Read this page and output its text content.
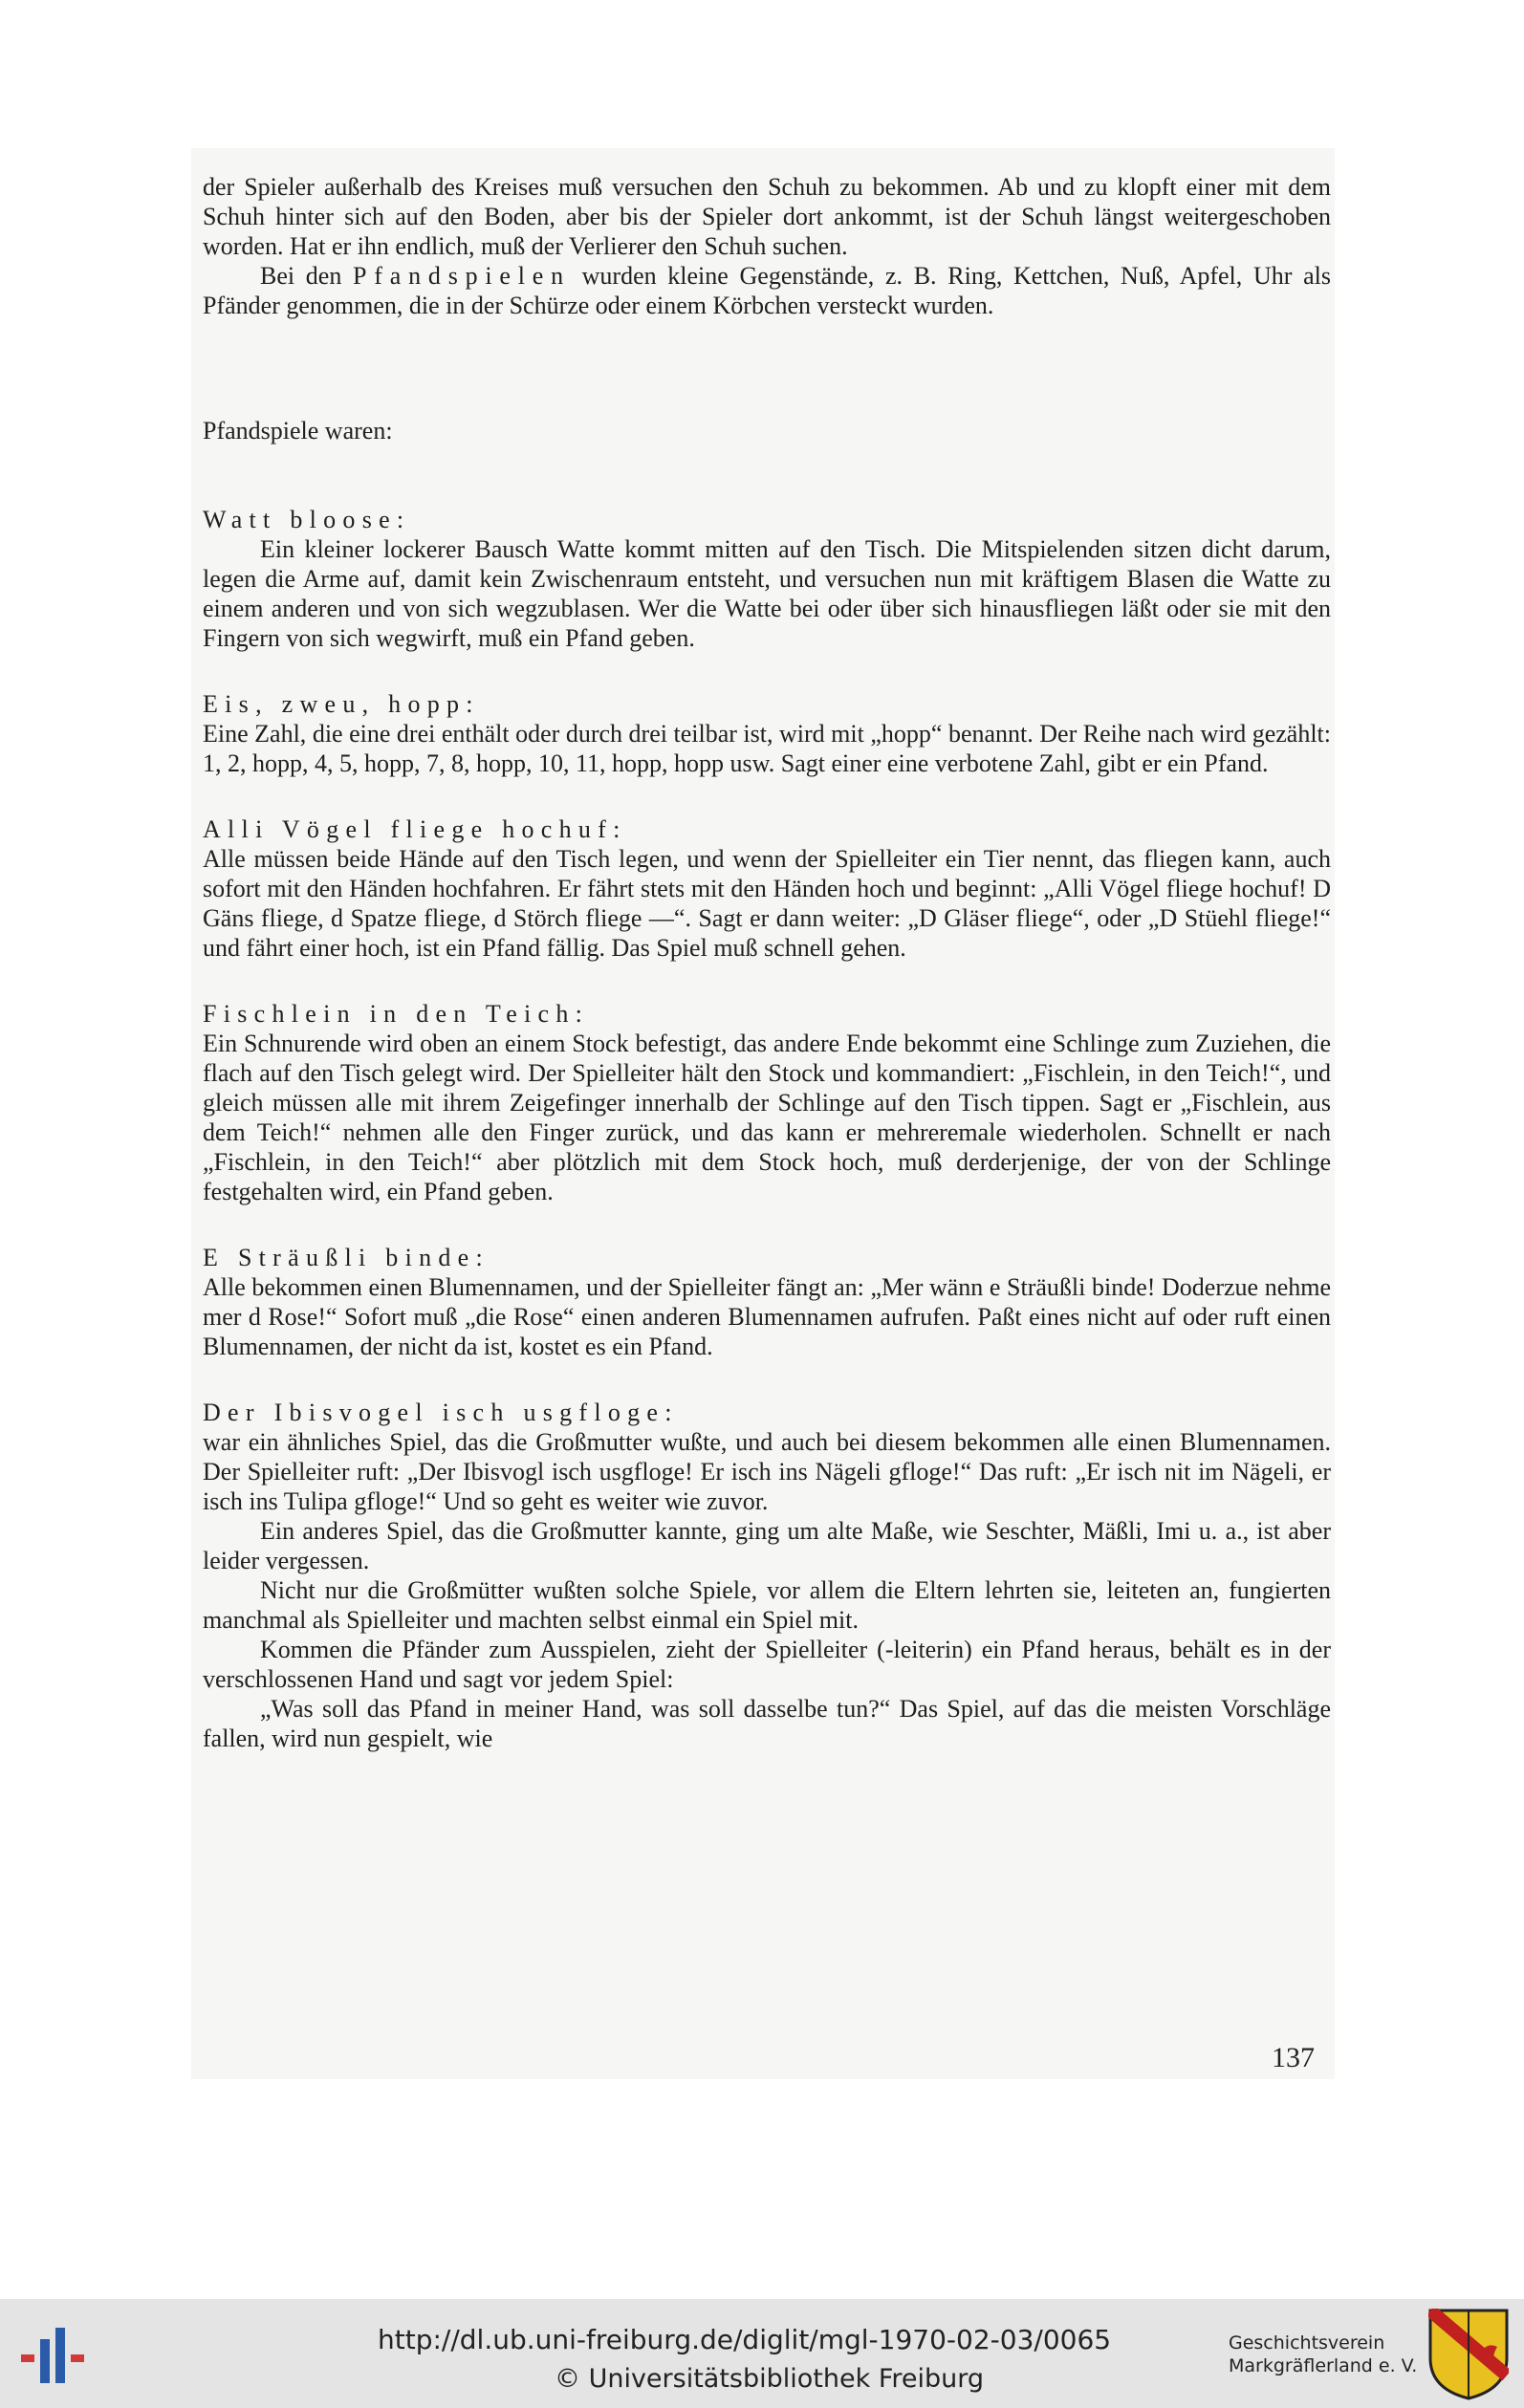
der Spieler außerhalb des Kreises muß versuchen den Schuh zu bekommen. Ab und zu klopft einer mit dem Schuh hinter sich auf den Boden, aber bis der Spieler dort ankommt, ist der Schuh längst weitergeschoben worden. Hat er ihn endlich, muß der Verlierer den Schuh suchen.

Bei den Pfandspielen wurden kleine Gegenstände, z. B. Ring, Kettchen, Nuß, Apfel, Uhr als Pfänder genommen, die in der Schürze oder einem Körbchen versteckt wurden.

Pfandspiele waren:

Watt bloose:

Ein kleiner lockerer Bausch Watte kommt mitten auf den Tisch. Die Mitspielenden sitzen dicht darum, legen die Arme auf, damit kein Zwischenraum entsteht, und versuchen nun mit kräftigem Blasen die Watte zu einem anderen und von sich wegzublasen. Wer die Watte bei oder über sich hinausfliegen läßt oder sie mit den Fingern von sich wegwirft, muß ein Pfand geben.

Eis, zweu, hopp:

Eine Zahl, die eine drei enthält oder durch drei teilbar ist, wird mit „hopp“ benannt. Der Reihe nach wird gezählt: 1, 2, hopp, 4, 5, hopp, 7, 8, hopp, 10, 11, hopp, hopp usw. Sagt einer eine verbotene Zahl, gibt er ein Pfand.

Alli Vögel fliege hochuf:

Alle müssen beide Hände auf den Tisch legen, und wenn der Spielleiter ein Tier nennt, das fliegen kann, auch sofort mit den Händen hochfahren. Er fährt stets mit den Händen hoch und beginnt: „Alli Vögel fliege hochuf! D Gäns fliege, d Spatze fliege, d Störch fliege —“. Sagt er dann weiter: „D Gläser fliege“, oder „D Stüehl fliege!“ und fährt einer hoch, ist ein Pfand fällig. Das Spiel muß schnell gehen.

Fischlein in den Teich:

Ein Schnurende wird oben an einem Stock befestigt, das andere Ende bekommt eine Schlinge zum Zuziehen, die flach auf den Tisch gelegt wird. Der Spielleiter hält den Stock und kommandiert: „Fischlein, in den Teich!“, und gleich müssen alle mit ihrem Zeigefinger innerhalb der Schlinge auf den Tisch tippen. Sagt er „Fischlein, aus dem Teich!“ nehmen alle den Finger zurück, und das kann er mehreremale wiederholen. Schnellt er nach „Fischlein, in den Teich!“ aber plötzlich mit dem Stock hoch, muß derderjenige, der von der Schlinge festgehalten wird, ein Pfand geben.

E Sträußli binde:

Alle bekommen einen Blumennamen, und der Spielleiter fängt an: „Mer wänn e Sträußli binde! Doderzue nehme mer d Rose!“ Sofort muß „die Rose“ einen anderen Blumennamen aufrufen. Paßt eines nicht auf oder ruft einen Blumennamen, der nicht da ist, kostet es ein Pfand.

Der Ibisvogel isch usgfloge:

war ein ähnliches Spiel, das die Großmutter wußte, und auch bei diesem bekommen alle einen Blumennamen. Der Spielleiter ruft: „Der Ibisvogl isch usgfloge! Er isch ins Nägeli gfloge!“ Das ruft: „Er isch nit im Nägeli, er isch ins Tulipa gfloge!“ Und so geht es weiter wie zuvor.

Ein anderes Spiel, das die Großmutter kannte, ging um alte Maße, wie Seschter, Mäßli, Imi u. a., ist aber leider vergessen.

Nicht nur die Großmütter wußten solche Spiele, vor allem die Eltern lehrten sie, leiteten an, fungierten manchmal als Spielleiter und machten selbst einmal ein Spiel mit.

Kommen die Pfänder zum Ausspielen, zieht der Spielleiter (-leiterin) ein Pfand heraus, behält es in der verschlossenen Hand und sagt vor jedem Spiel:

„Was soll das Pfand in meiner Hand, was soll dasselbe tun?“ Das Spiel, auf das die meisten Vorschläge fallen, wird nun gespielt, wie

137
http://dl.ub.uni-freiburg.de/diglit/mgl-1970-02-03/0065
© Universitätsbibliothek Freiburg
Geschichtsverein
Markgräflerland e. V.
